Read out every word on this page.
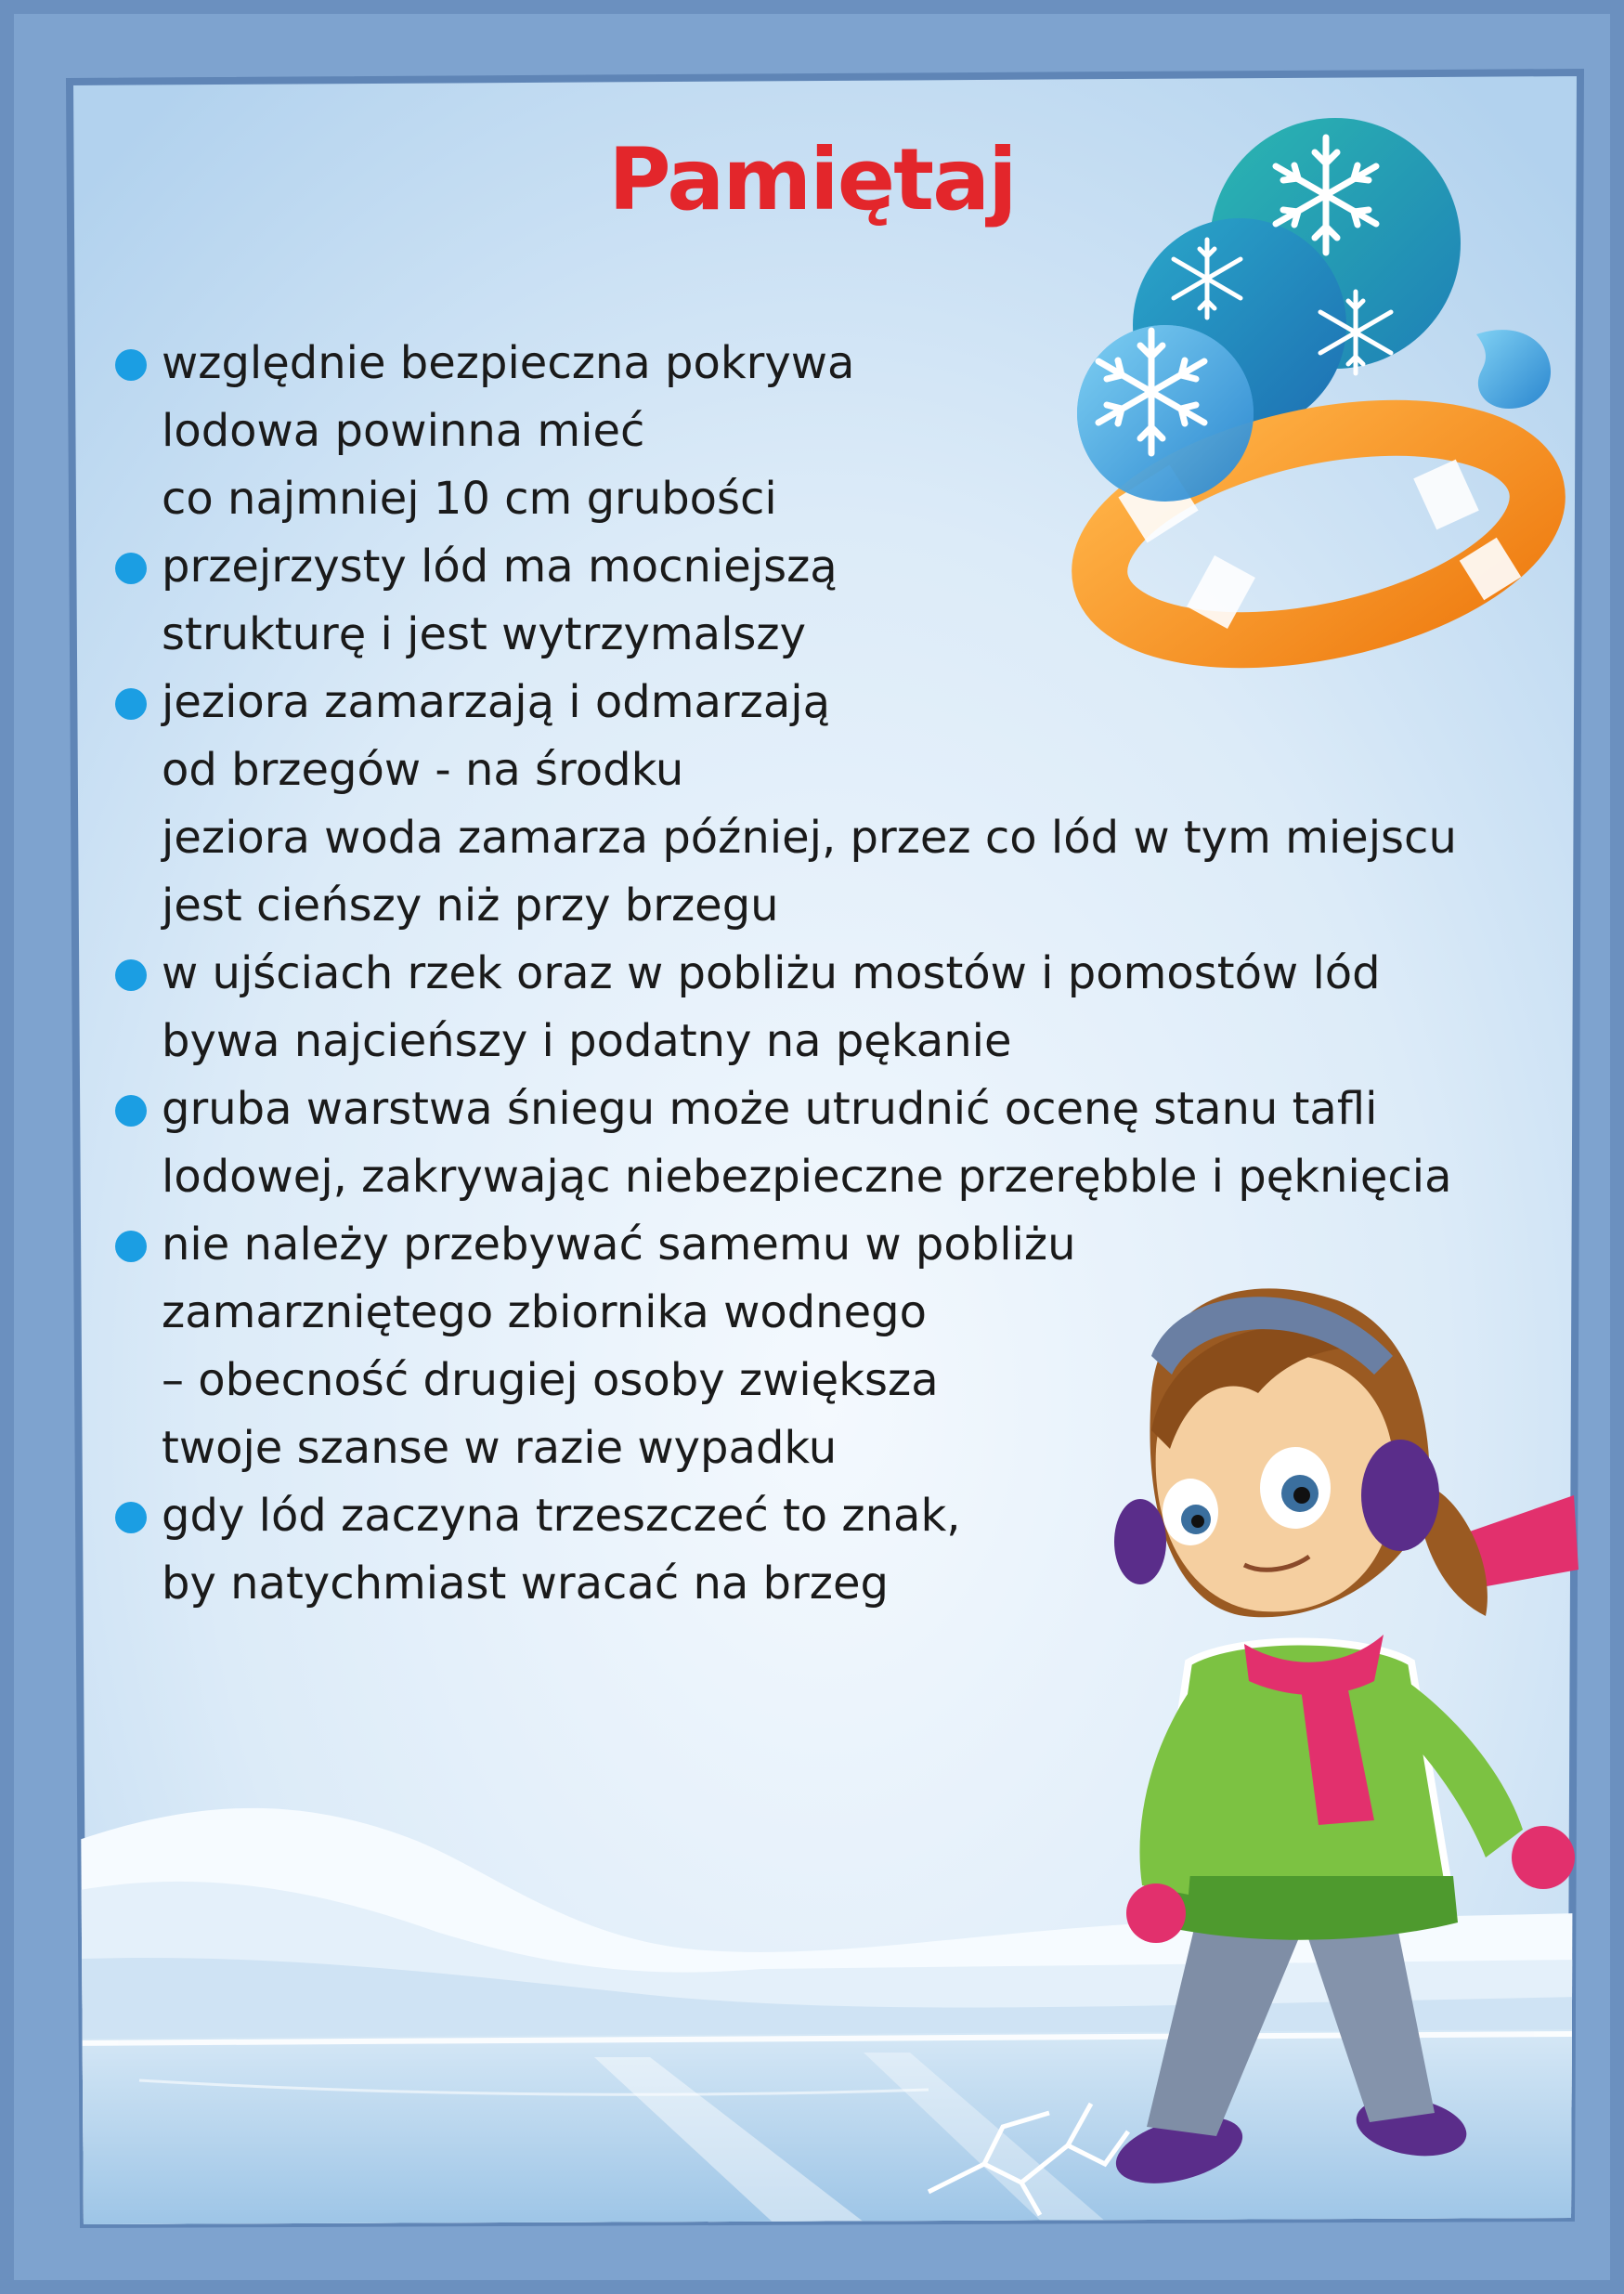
Pamiętaj
względnie bezpieczna pokrywa
lodowa powinna mieć
co najmniej 10 cm grubości
przejrzysty lód ma mocniejszą
strukturę i jest wytrzymalszy
jeziora zamarzają i odmarzają
od brzegów - na środku
jeziora woda zamarza później, przez co lód w tym miejscu
jest cieńszy niż przy brzegu
w ujściach rzek oraz w pobliżu mostów i pomostów lód
bywa najcieńszy i podatny na pękanie
gruba warstwa śniegu może utrudnić ocenę stanu tafli
lodowej, zakrywając niebezpieczne przerębble i pęknięcia
nie należy przebywać samemu w pobliżu
zamarzniętego zbiornika wodnego
– obecność drugiej osoby zwiększa
twoje szanse w razie wypadku
gdy lód zaczyna trzeszczeć to znak,
by natychmiast wracać na brzeg
